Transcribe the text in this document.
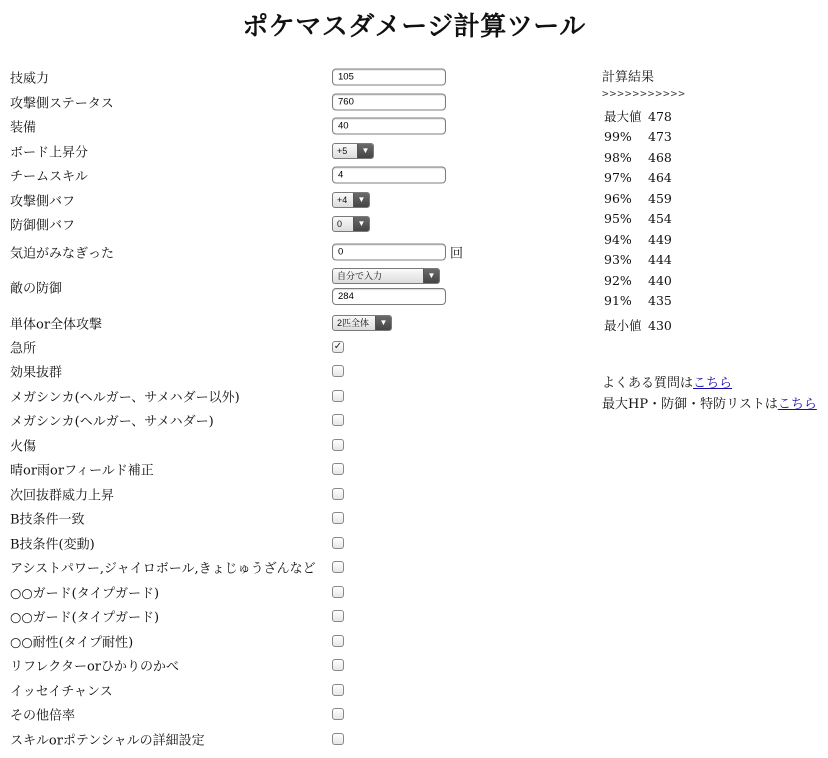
ポケマスダメージ計算ツール
技威力	105
攻撃側ステータス	760
装備	40
ボード上昇分	+5	▼
チームスキル	4
攻撃側バフ	+4	▼
防御側バフ	0	▼
気迫がみなぎった	0	回
敵の防御
自分で入力	▼
284
単体or全体攻撃	2匹全体	▼
急所	✓
効果抜群
メガシンカ(ヘルガー、サメハダー以外)
メガシンカ(ヘルガー、サメハダー)
火傷
晴or雨orフィールド補正
次回抜群威力上昇
B技条件一致
B技条件(変動)
アシストパワー,ジャイロボール,きょじゅうざんなど
○○ガード(タイプガード)
○○ガード(タイプガード)
○○耐性(タイプ耐性)
リフレクターorひかりのかべ
イッセイチャンス
その他倍率
スキルorポテンシャルの詳細設定
計算結果
>>>>>>>>>>>
最大値 478
99% 473
98% 468
97% 464
96% 459
95% 454
94% 449
93% 444
92% 440
91% 435
最小値 430
よくある質問はこちら
最大HP・防御・特防リストはこちら
